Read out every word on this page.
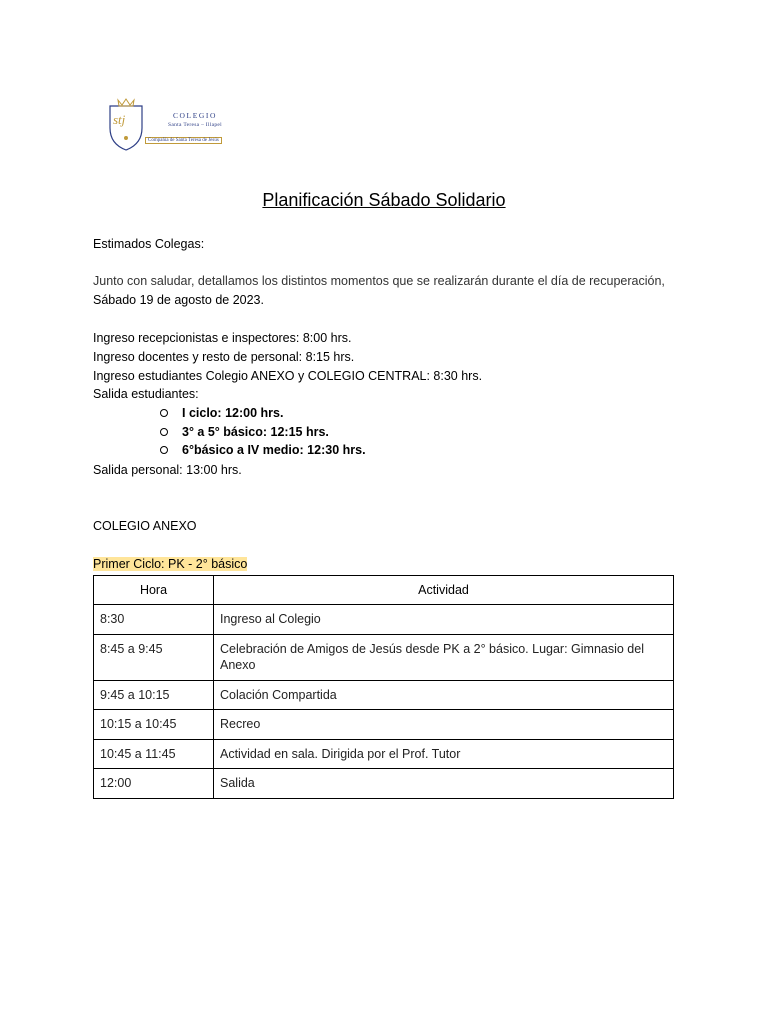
stj	COLEGIO
Santa Teresa – Illapel
Compañía de Santa Teresa de Jesús
Planificación Sábado Solidario
Estimados Colegas:
Junto con saludar, detallamos los distintos momentos que se realizarán durante el día de recuperación,
Sábado 19 de agosto de 2023.
Ingreso recepcionistas e inspectores: 8:00 hrs.
Ingreso docentes y resto de personal: 8:15 hrs.
Ingreso estudiantes Colegio ANEXO y COLEGIO CENTRAL: 8:30 hrs.
Salida estudiantes:
I ciclo: 12:00 hrs.
3° a 5° básico: 12:15 hrs.
6°básico a IV medio: 12:30 hrs.
Salida personal: 13:00 hrs.
COLEGIO ANEXO
Primer Ciclo: PK - 2° básico
Hora	Actividad
8:30	Ingreso al Colegio
8:45 a 9:45	Celebración de Amigos de Jesús desde PK a 2° básico. Lugar: Gimnasio del Anexo
9:45 a 10:15	Colación Compartida
10:15 a 10:45	Recreo
10:45 a 11:45	Actividad en sala. Dirigida por el Prof. Tutor
12:00	Salida
